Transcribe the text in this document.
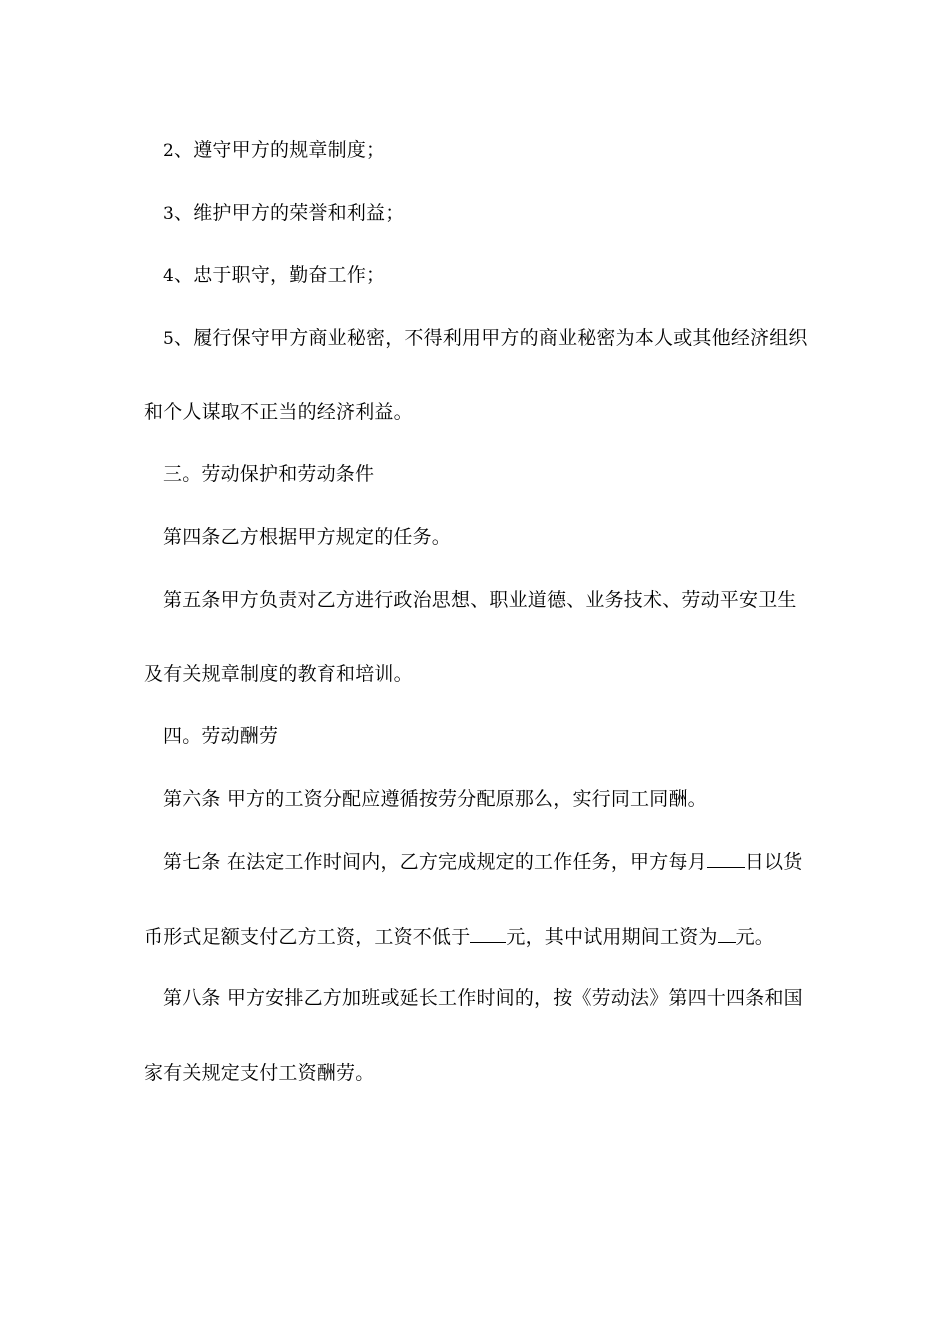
2、遵守甲方的规章制度；
3、维护甲方的荣誉和利益；
4、忠于职守，勤奋工作；
5、履行保守甲方商业秘密，不得利用甲方的商业秘密为本人或其他经济组织
和个人谋取不正当的经济利益。
三。劳动保护和劳动条件
第四条乙方根据甲方规定的任务。
第五条甲方负责对乙方进行政治思想、职业道德、业务技术、劳动平安卫生
及有关规章制度的教育和培训。
四。劳动酬劳
第六条 甲方的工资分配应遵循按劳分配原那么，实行同工同酬。
第七条 在法定工作时间内，乙方完成规定的工作任务，甲方每月 日以货
币形式足额支付乙方工资，工资不低于 元，其中试用期间工资为 元。
第八条 甲方安排乙方加班或延长工作时间的，按《劳动法》第四十四条和国
家有关规定支付工资酬劳。
